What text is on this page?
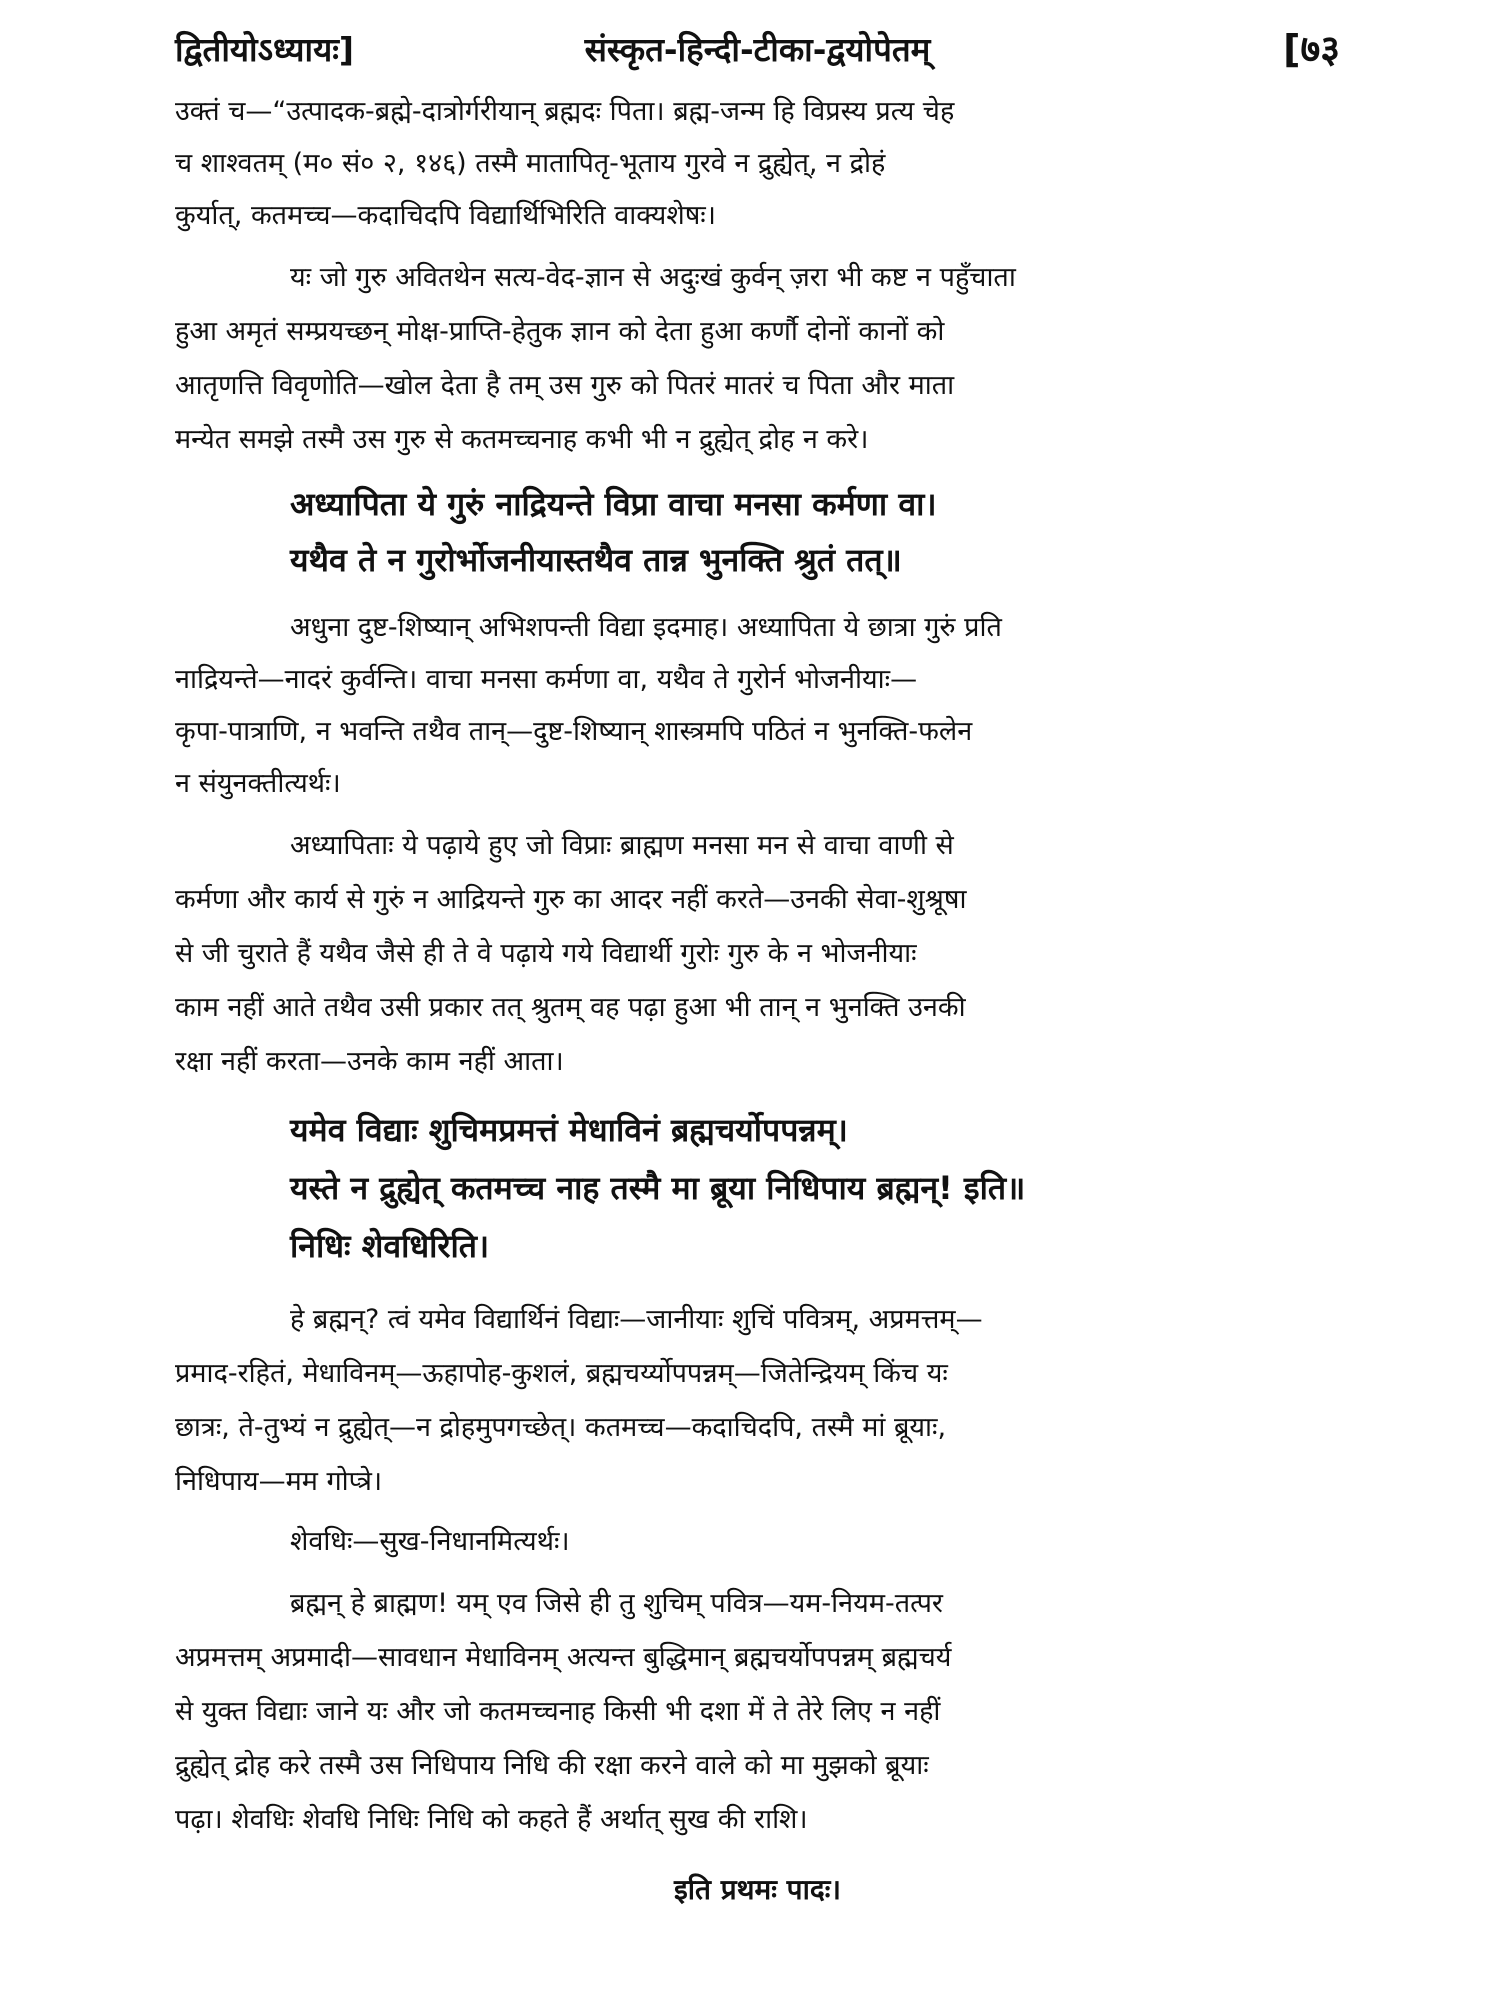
द्वितीयोऽध्यायः]	संस्कृत-हिन्दी-टीका-द्वयोपेतम्	[७३
उक्तं च—“उत्पादक-ब्रह्मे-दात्रोर्गरीयान् ब्रह्मदः पिता। ब्रह्म-जन्म हि विप्रस्य प्रत्य चेह
च शाश्वतम् (म० सं० २, १४६) तस्मै मातापितृ-भूताय गुरवे न द्रुह्येत्, न द्रोहं
कुर्यात्, कतमच्च—कदाचिदपि विद्यार्थिभिरिति वाक्यशेषः।
यः जो गुरु अवितथेन सत्य-वेद-ज्ञान से अदुःखं कुर्वन् ज़रा भी कष्ट न पहुँचाता
हुआ अमृतं सम्प्रयच्छन् मोक्ष-प्राप्ति-हेतुक ज्ञान को देता हुआ कर्णौ दोनों कानों को
आतृणत्ति विवृणोति—खोल देता है तम् उस गुरु को पितरं मातरं च पिता और माता
मन्येत समझे तस्मै उस गुरु से कतमच्चनाह कभी भी न द्रुह्येत् द्रोह न करे।
अध्यापिता ये गुरुं नाद्रियन्ते विप्रा वाचा मनसा कर्मणा वा।
यथैव ते न गुरोर्भोजनीयास्तथैव तान्न भुनक्ति श्रुतं तत्॥
अधुना दुष्ट-शिष्यान् अभिशपन्ती विद्या इदमाह। अध्यापिता ये छात्रा गुरुं प्रति
नाद्रियन्ते—नादरं कुर्वन्ति। वाचा मनसा कर्मणा वा, यथैव ते गुरोर्न भोजनीयाः—
कृपा-पात्राणि, न भवन्ति तथैव तान्—दुष्ट-शिष्यान् शास्त्रमपि पठितं न भुनक्ति-फलेन
न संयुनक्तीत्यर्थः।
अध्यापिताः ये पढ़ाये हुए जो विप्राः ब्राह्मण मनसा मन से वाचा वाणी से
कर्मणा और कार्य से गुरुं न आद्रियन्ते गुरु का आदर नहीं करते—उनकी सेवा-शुश्रूषा
से जी चुराते हैं यथैव जैसे ही ते वे पढ़ाये गये विद्यार्थी गुरोः गुरु के न भोजनीयाः
काम नहीं आते तथैव उसी प्रकार तत् श्रुतम् वह पढ़ा हुआ भी तान् न भुनक्ति उनकी
रक्षा नहीं करता—उनके काम नहीं आता।
यमेव विद्याः शुचिमप्रमत्तं मेधाविनं ब्रह्मचर्योपपन्नम्।
यस्ते न द्रुह्येत् कतमच्च नाह तस्मै मा ब्रूया निधिपाय ब्रह्मन्! इति॥
निधिः शेवधिरिति।
हे ब्रह्मन्? त्वं यमेव विद्यार्थिनं विद्याः—जानीयाः शुचिं पवित्रम्, अप्रमत्तम्—
प्रमाद-रहितं, मेधाविनम्—ऊहापोह-कुशलं, ब्रह्मचर्य्योपपन्नम्—जितेन्द्रियम् किंच यः
छात्रः, ते-तुभ्यं न द्रुह्येत्—न द्रोहमुपगच्छेत्। कतमच्च—कदाचिदपि, तस्मै मां ब्रूयाः,
निधिपाय—मम गोप्त्रे।
शेवधिः—सुख-निधानमित्यर्थः।
ब्रह्मन् हे ब्राह्मण! यम् एव जिसे ही तु शुचिम् पवित्र—यम-नियम-तत्पर
अप्रमत्तम् अप्रमादी—सावधान मेधाविनम् अत्यन्त बुद्धिमान् ब्रह्मचर्योपपन्नम् ब्रह्मचर्य
से युक्त विद्याः जाने यः और जो कतमच्चनाह किसी भी दशा में ते तेरे लिए न नहीं
द्रुह्येत् द्रोह करे तस्मै उस निधिपाय निधि की रक्षा करने वाले को मा मुझको ब्रूयाः
पढ़ा। शेवधिः शेवधि निधिः निधि को कहते हैं अर्थात् सुख की राशि।
इति प्रथमः पादः।
